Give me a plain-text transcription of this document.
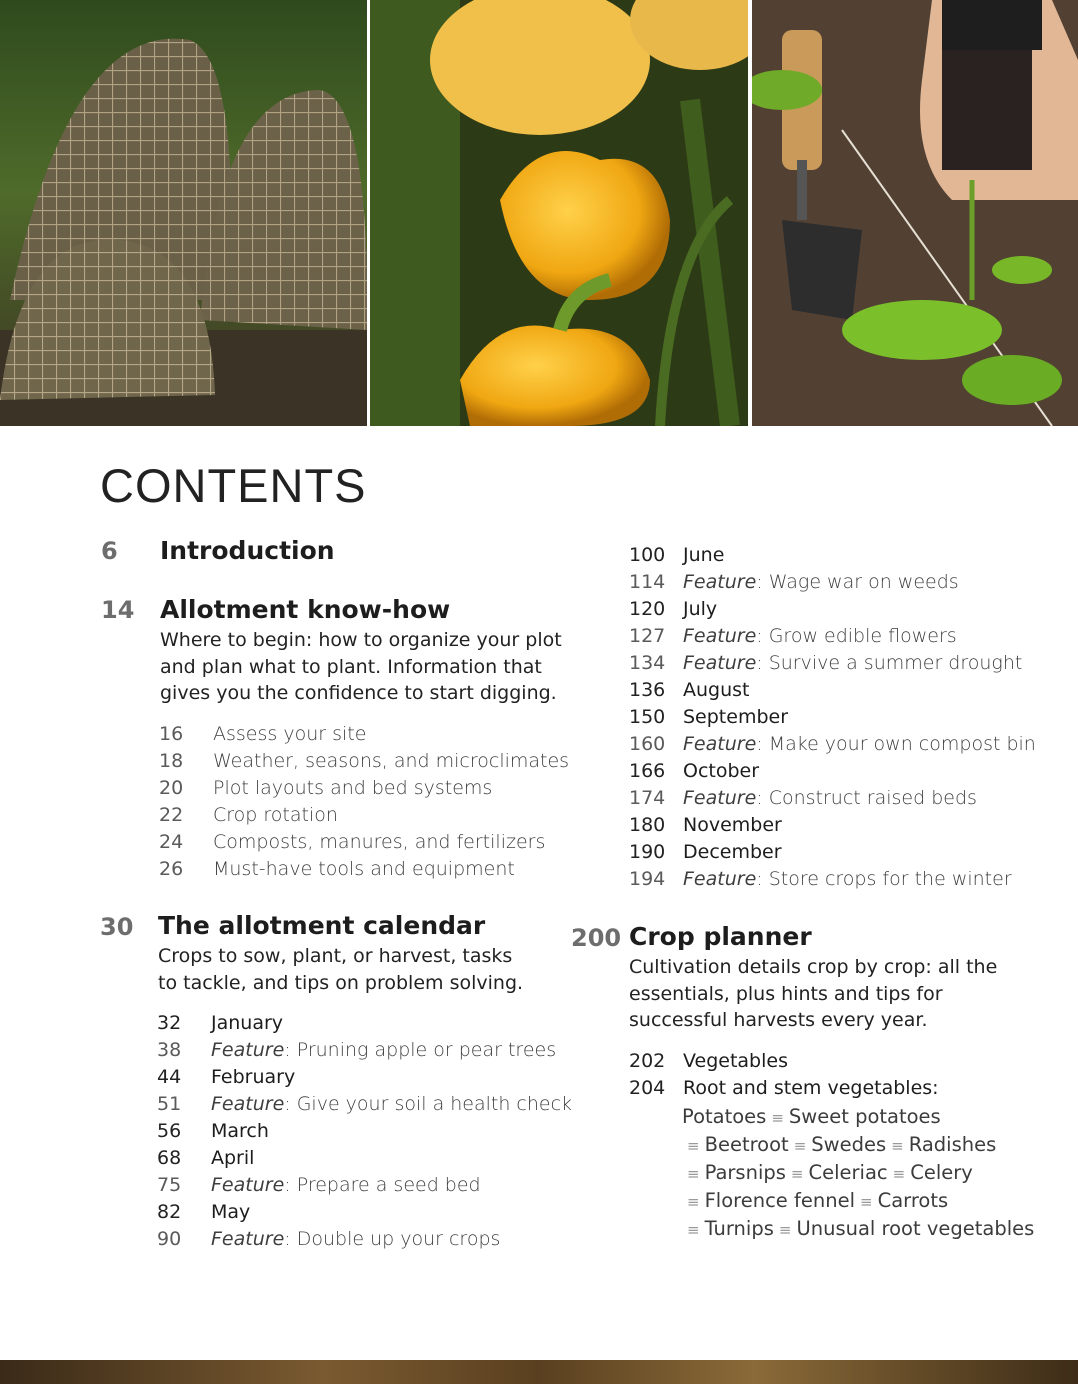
CONTENTS
6 Introduction
14 Allotment know-how
Where to begin: how to organize your plot
and plan what to plant. Information that
gives you the confidence to start digging.
16	Assess your site
18	Weather, seasons, and microclimates
20	Plot layouts and bed systems
22	Crop rotation
24	Composts, manures, and fertilizers
26	Must-have tools and equipment
30 The allotment calendar
Crops to sow, plant, or harvest, tasks
to tackle, and tips on problem solving.
32	January
38	Feature: Pruning apple or pear trees
44	February
51	Feature: Give your soil a health check
56	March
68	April
75	Feature: Prepare a seed bed
82	May
90	Feature: Double up your crops
100 June
114 Feature: Wage war on weeds
120 July
127 Feature: Grow edible flowers
134 Feature: Survive a summer drought
136 August
150 September
160 Feature: Make your own compost bin
166 October
174 Feature: Construct raised beds
180 November
190 December
194 Feature: Store crops for the winter
200 Crop planner
Cultivation details crop by crop: all the
essentials, plus hints and tips for
successful harvests every year.
202 Vegetables
204 Root and stem vegetables:
Potatoes ≡ Sweet potatoes
≡ Beetroot ≡ Swedes ≡ Radishes
≡ Parsnips ≡ Celeriac ≡ Celery
≡ Florence fennel ≡ Carrots
≡ Turnips ≡ Unusual root vegetables
